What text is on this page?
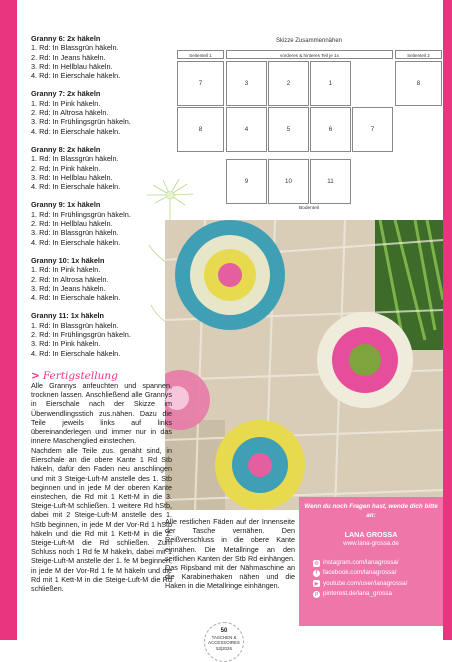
Granny 6: 2x häkeln
1. Rd: In Blassgrün häkeln.
2. Rd: In Jeans häkeln.
3. Rd: In Hellblau häkeln.
4. Rd: In Eierschale häkeln.
Granny 7: 2x häkeln
1. Rd: In Pink häkeln.
2. Rd: In Altrosa häkeln.
3. Rd: In Frühlingsgrün häkeln.
4. Rd: In Eierschale häkeln.
Granny 8: 2x häkeln
1. Rd: In Blassgrün häkeln.
2. Rd: In Pink häkeln.
3. Rd: In Hellblau häkeln.
4. Rd: In Eierschale häkeln.
Granny 9: 1x häkeln
1. Rd: In Frühlingsgrün häkeln.
2. Rd: In Hellblau häkeln.
3. Rd: In Blassgrün häkeln.
4. Rd: In Eierschale häkeln.
Granny 10: 1x häkeln
1. Rd: In Pink häkeln.
2. Rd: In Altrosa häkeln.
3. Rd: In Jeans häkeln.
4. Rd: In Eierschale häkeln.
Granny 11: 1x häkeln
1. Rd: In Blassgrün häkeln.
2. Rd: In Frühlingsgrün häkeln.
3. Rd: In Pink häkeln.
4. Rd: In Eierschale häkeln.
Skizze Zusammennähen
Seitenteil 1	vorderes & hinteres Teil je 1x	Seitenteil 2
7	3	2	1	8
8	4	5	6	7
9	10	11
Bodenteil
> Fertigstellung
Alle Grannys anfeuchten und spannen, trocknen lassen. Anschließend alle Grannys in Eierschale nach der Skizze im Überwendlingsstich zus.nähen. Dazu die Teile jeweils links auf links übereinanderlegen und immer nur in das innere Maschenglied einstechen.
Nachdem alle Teile zus. genäht sind, in Eierschale an die obere Kante 1 Rd Stb häkeln, dafür den Faden neu anschlingen und mit 3 Steige-Luft-M anstelle des 1. Stb beginnen und in jede M der oberen Kante einstechen, die Rd mit 1 Kett-M in die 3. Steige-Luft-M schließen. 1 weitere Rd hStb, dabei mit 2 Steige-Luft-M anstelle des 1. hStb beginnen, in jede M der Vor-Rd 1 hStb häkeln und die Rd mit 1 Kett-M in die 2. Steige-Luft-M die Rd schließen. Zum Schluss noch 1 Rd fe M häkeln, dabei mit 1 Steige-Luft-M anstelle der 1. fe M beginnen, in jede M der Vor-Rd 1 fe M häkeln und die Rd mit 1 Kett-M in die Steige-Luft-M die Rd schließen.
Alle restlichen Fäden auf der Innenseite der Tasche vernähen. Den Reißverschluss in die obere Kante einnähen. Die Metallringe an den seitlichen Kanten der Stb Rd einhängen. Das Ripsband mit der Nähmaschine an die Karabinerhaken nähen und die Haken in die Metallringe einhängen.
Wenn du noch Fragen hast, wende dich bitte an:
LANA GROSSA
www.lana-grossa.de
◎ instagram.com/lanagrossa/
f facebook.com/lanagrossa/
▶ youtube.com/user/lanagrossa/
p pinterest.de/lana_grossa
50
TASCHEN &
ACCESSOIRES
53|2026
